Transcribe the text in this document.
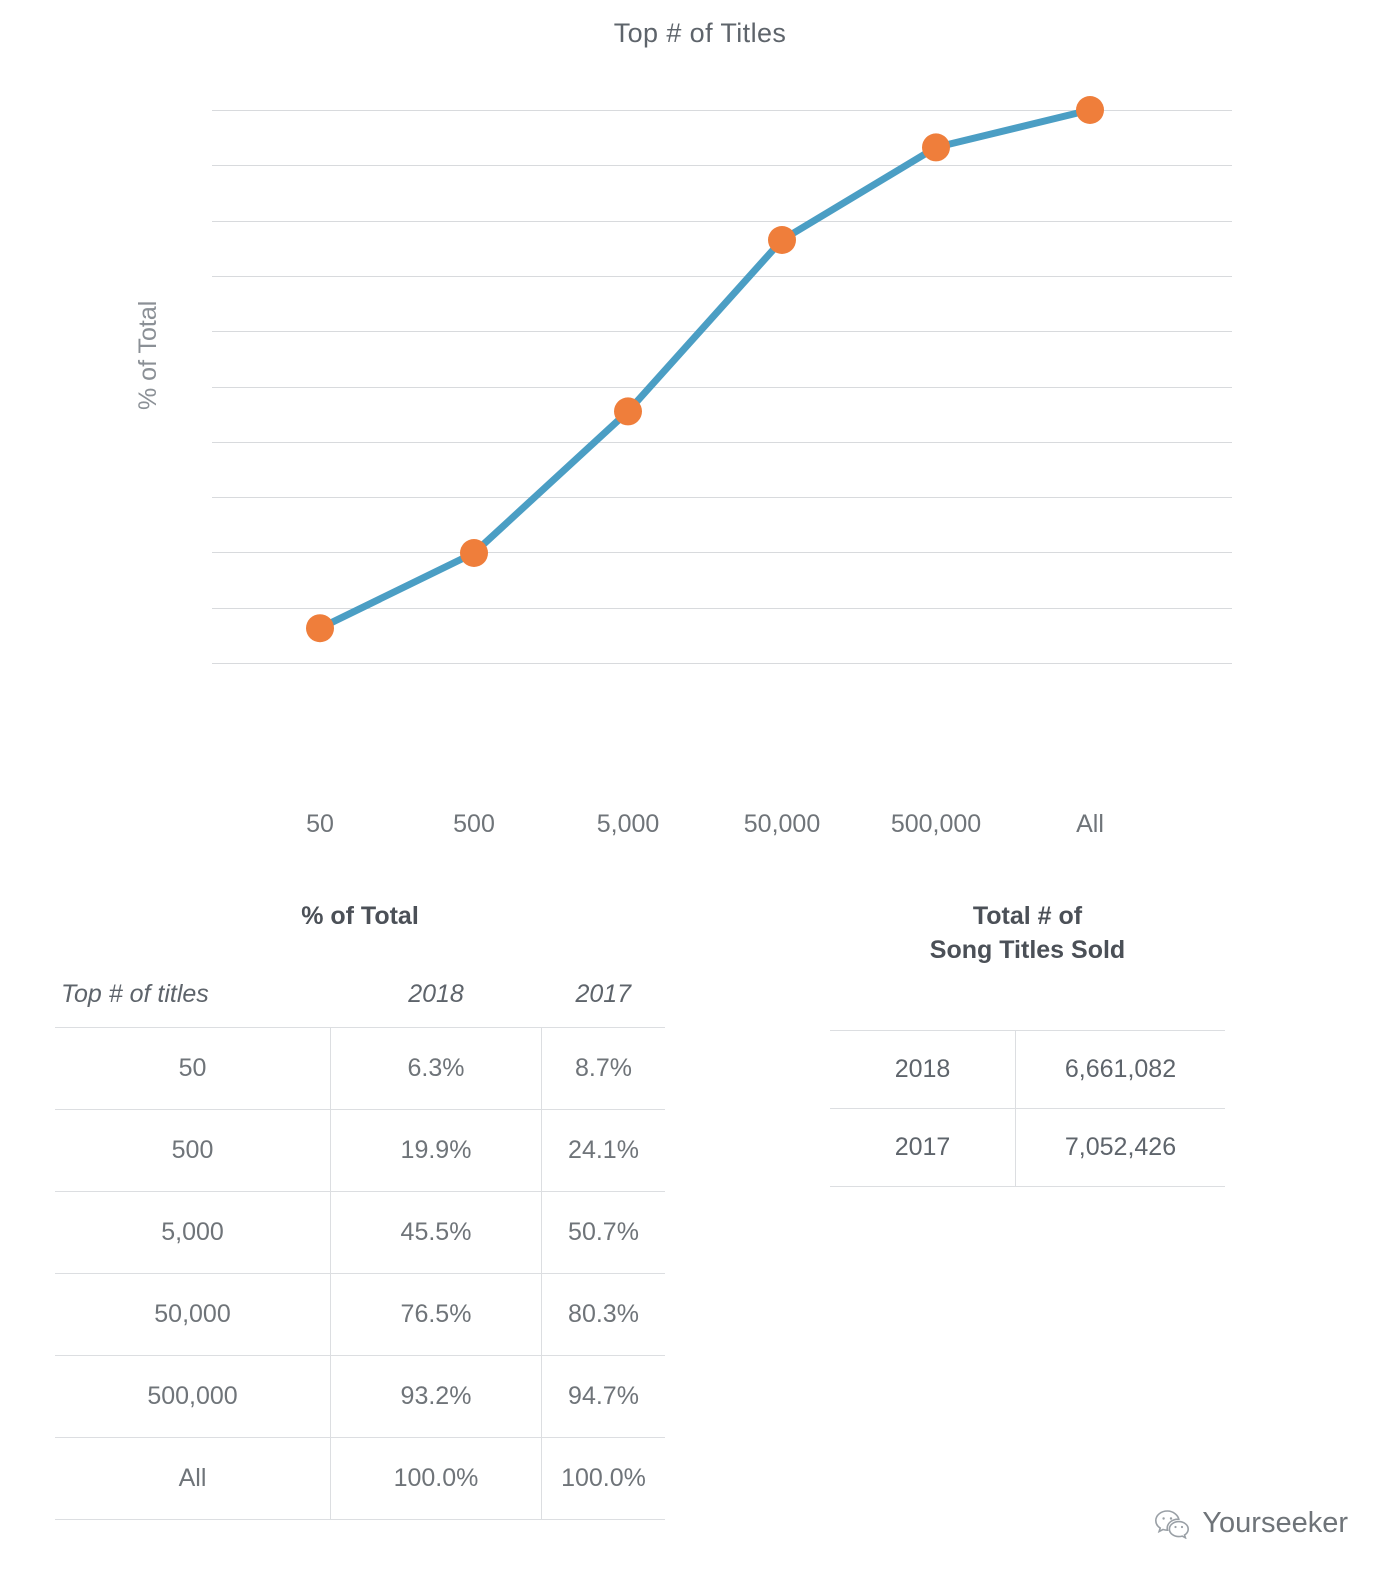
Top # of Titles
% of Total
50	500	5,000	50,000	500,000	All
% of Total
Top # of titles	2018	2017
50	6.3%	8.7%
500	19.9%	24.1%
5,000	45.5%	50.7%
50,000	76.5%	80.3%
500,000	93.2%	94.7%
All	100.0%	100.0%
Total # of
Song Titles Sold
2018	6,661,082
2017	7,052,426
Yourseeker
